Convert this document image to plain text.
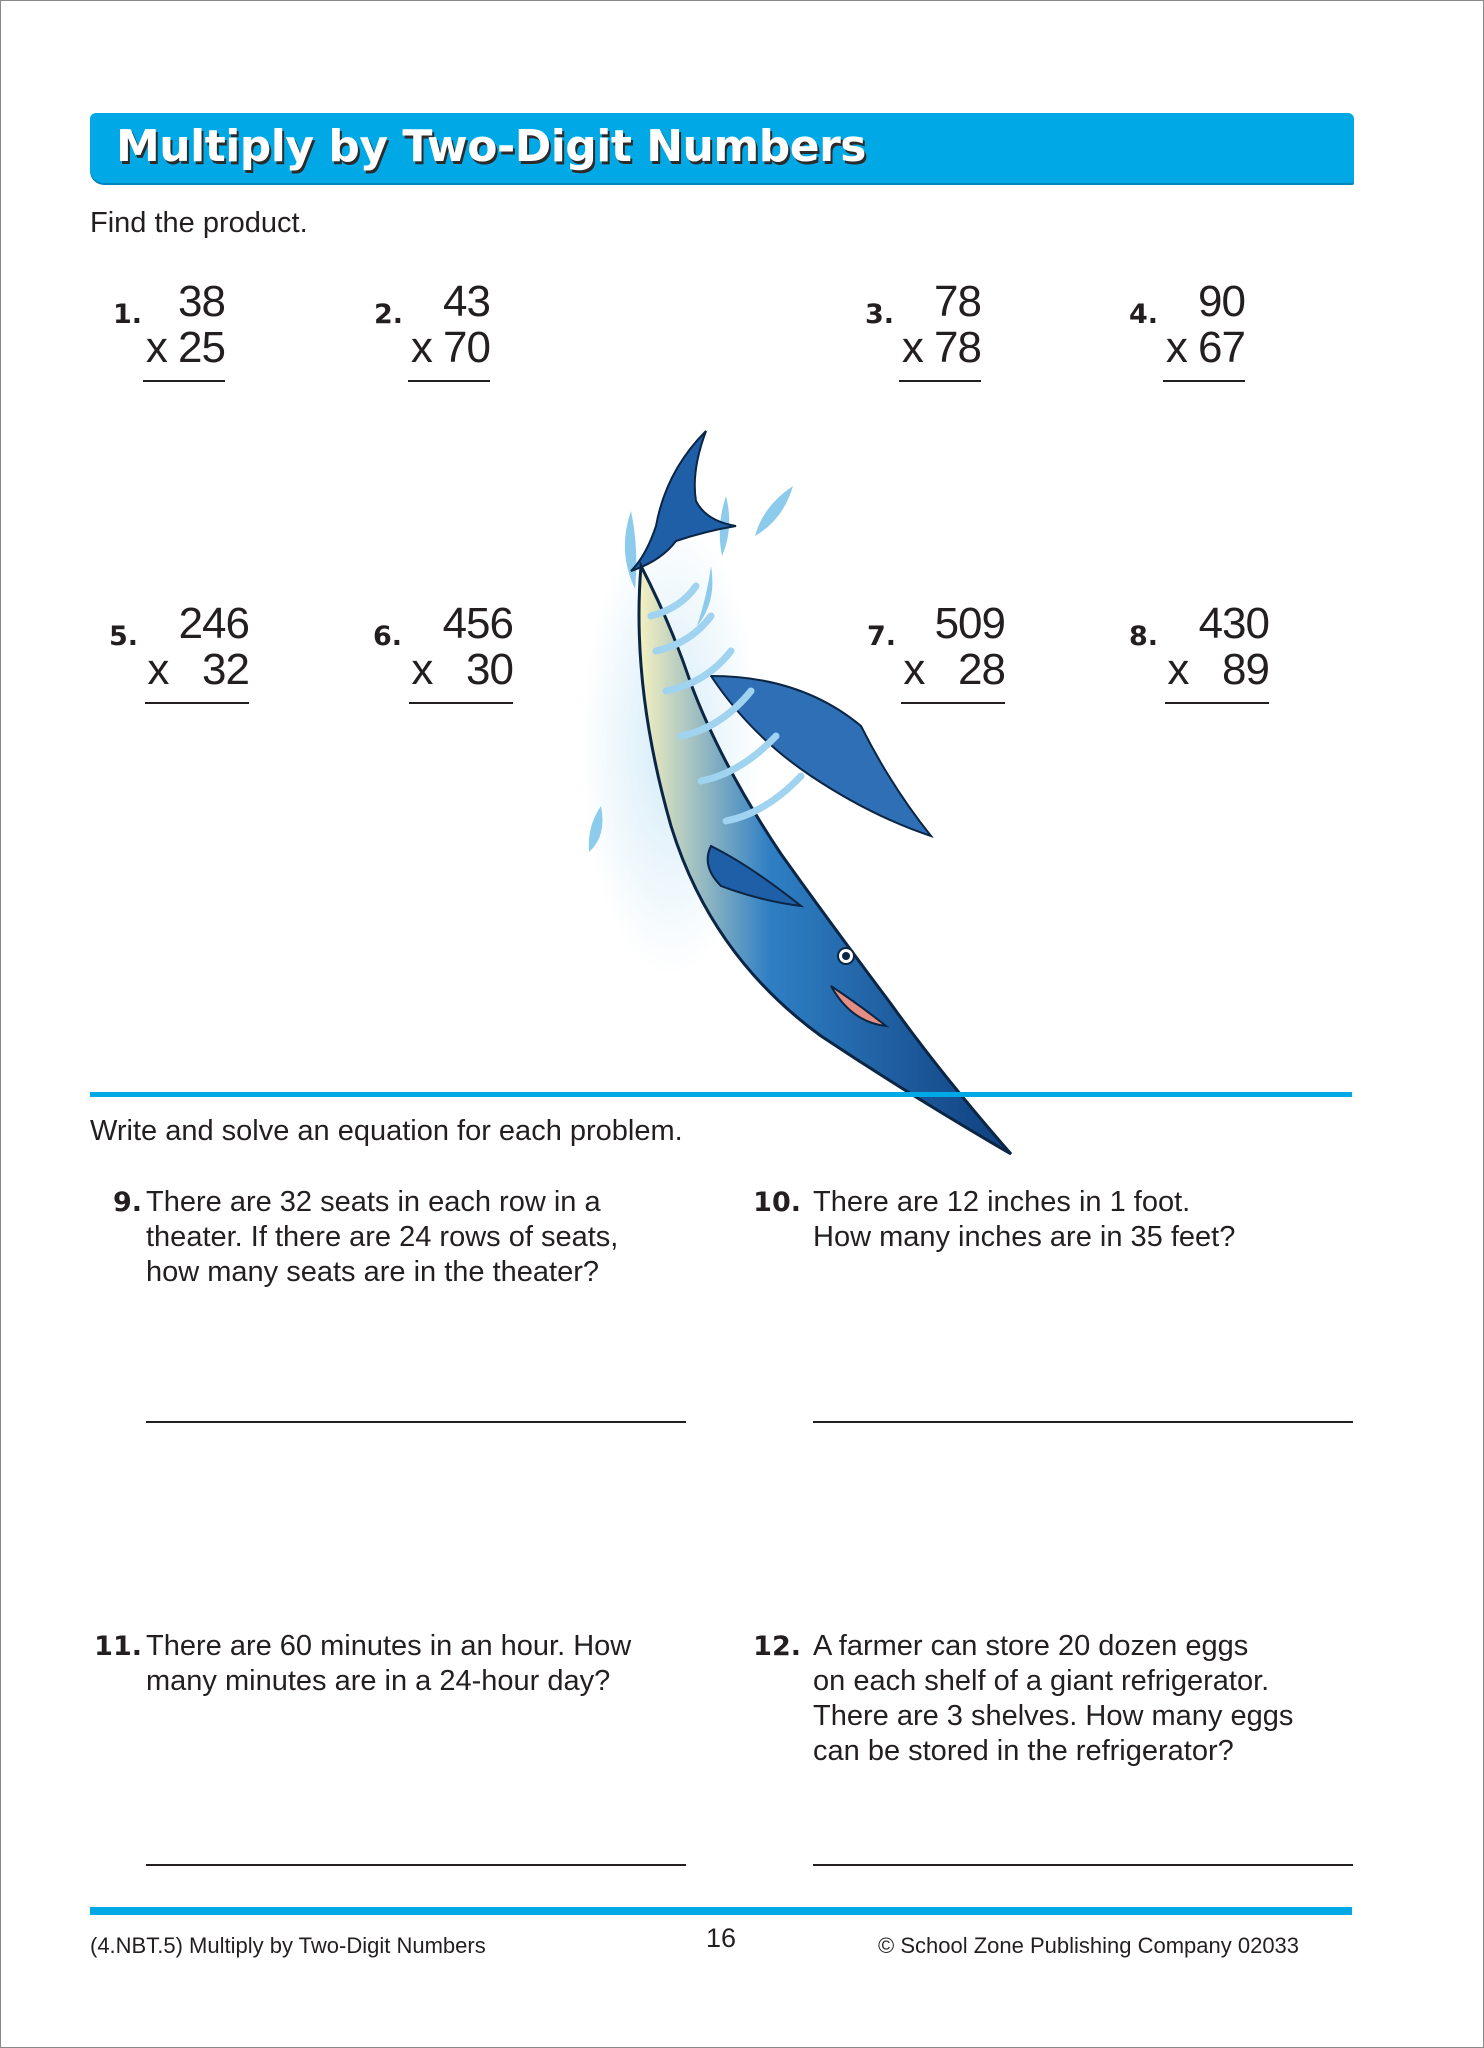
Multiply by Two-Digit Numbers
Find the product.
1. 38
x 25
2. 43
x 70
3. 78
x 78
4. 90
x 67
5. 246
x   32
6. 456
x   30
7. 509
x   28
8. 430
x   89
Write and solve an equation for each problem.
9. There are 32 seats in each row in a
theater. If there are 24 rows of seats,
how many seats are in the theater?
10. There are 12 inches in 1 foot.
How many inches are in 35 feet?
11. There are 60 minutes in an hour. How
many minutes are in a 24-hour day?
12. A farmer can store 20 dozen eggs
on each shelf of a giant refrigerator.
There are 3 shelves. How many eggs
can be stored in the refrigerator?
(4.NBT.5) Multiply by Two-Digit Numbers	16	© School Zone Publishing Company 02033
